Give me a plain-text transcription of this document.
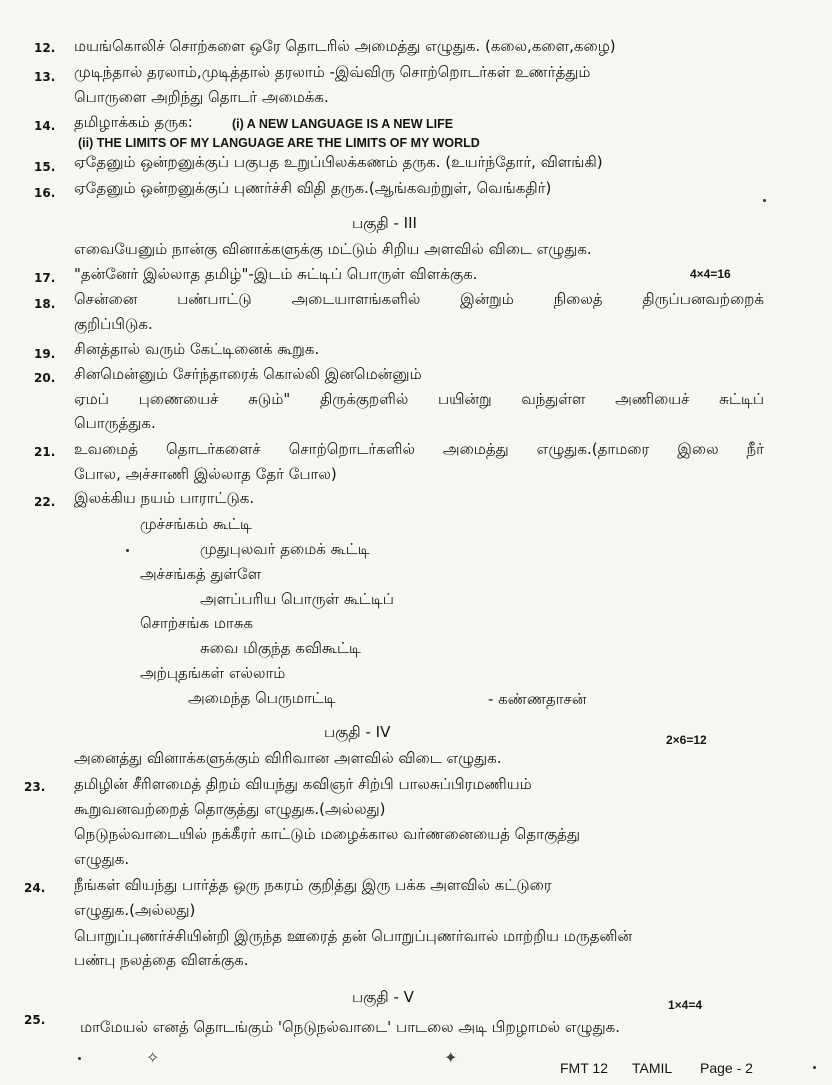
12. மயங்கொலிச் சொற்களை ஒரே தொடரில் அமைத்து எழுதுக. (கலை,களை,கழை)
13. முடிந்தால் தரலாம்,முடித்தால் தரலாம் -இவ்விரு சொற்றொடர்கள் உணர்த்தும்
பொருளை அறிந்து தொடர் அமைக்க.
14. தமிழாக்கம் தருக:	(i) A NEW LANGUAGE IS A NEW LIFE
(ii) THE LIMITS OF MY LANGUAGE ARE THE LIMITS OF MY WORLD
15. ஏதேனும் ஒன்றனுக்குப் பகுபத உறுப்பிலக்கணம் தருக. (உயர்ந்தோர், விளங்கி)
16. ஏதேனும் ஒன்றனுக்குப் புணர்ச்சி விதி தருக.(ஆங்கவற்றுள், வெங்கதிர்)
பகுதி - III
எவையேனும் நான்கு வினாக்களுக்கு மட்டும் சிறிய அளவில் விடை எழுதுக.
4×4=16
17. "தன்னேர் இல்லாத தமிழ்"-இடம் சுட்டிப் பொருள் விளக்குக.
18. சென்னை பண்பாட்டு அடையாளங்களில் இன்றும் நிலைத் திருப்பனவற்றைக்
குறிப்பிடுக.
19. சினத்தால் வரும் கேட்டினைக் கூறுக.
20. சினமென்னும் சேர்ந்தாரைக் கொல்லி இனமென்னும்
ஏமப் புணையைச் சுடும்" திருக்குறளில் பயின்று வந்துள்ள அணியைச் சுட்டிப்
பொருத்துக.
21. உவமைத் தொடர்களைச் சொற்றொடர்களில் அமைத்து எழுதுக.(தாமரை இலை நீர்
போல, அச்சாணி இல்லாத தேர் போல)
22. இலக்கிய நயம் பாராட்டுக.
முச்சங்கம் கூட்டி
முதுபுலவர் தமைக் கூட்டி
அச்சங்கத் துள்ளே
அளப்பரிய பொருள் கூட்டிப்
சொற்சங்க மாசுக
சுவை மிகுந்த கவிகூட்டி
அற்புதங்கள் எல்லாம்
அமைந்த பெருமாட்டி	- கண்ணதாசன்
பகுதி - IV	2×6=12
அனைத்து வினாக்களுக்கும் விரிவான அளவில் விடை எழுதுக.
23. தமிழின் சீரிளமைத் திறம் வியந்து கவிஞர் சிற்பி பாலசுப்பிரமணியம்
கூறுவனவற்றைத் தொகுத்து எழுதுக.(அல்லது)
நெடுநல்வாடையில் நக்கீரர் காட்டும் மழைக்கால வர்ணனையைத் தொகுத்து
எழுதுக.
24. நீங்கள் வியந்து பார்த்த ஒரு நகரம் குறித்து இரு பக்க அளவில் கட்டுரை
எழுதுக.(அல்லது)
பொறுப்புணர்ச்சியின்றி இருந்த ஊரைத் தன் பொறுப்புணர்வால் மாற்றிய மருதனின்
பண்பு நலத்தை விளக்குக.
பகுதி - V	1×4=4
25. மாமேயல் எனத் தொடங்கும் 'நெடுநல்வாடை' பாடலை அடி பிறழாமல் எழுதுக.
FMT 12 TAMIL Page - 2
✧	✦
